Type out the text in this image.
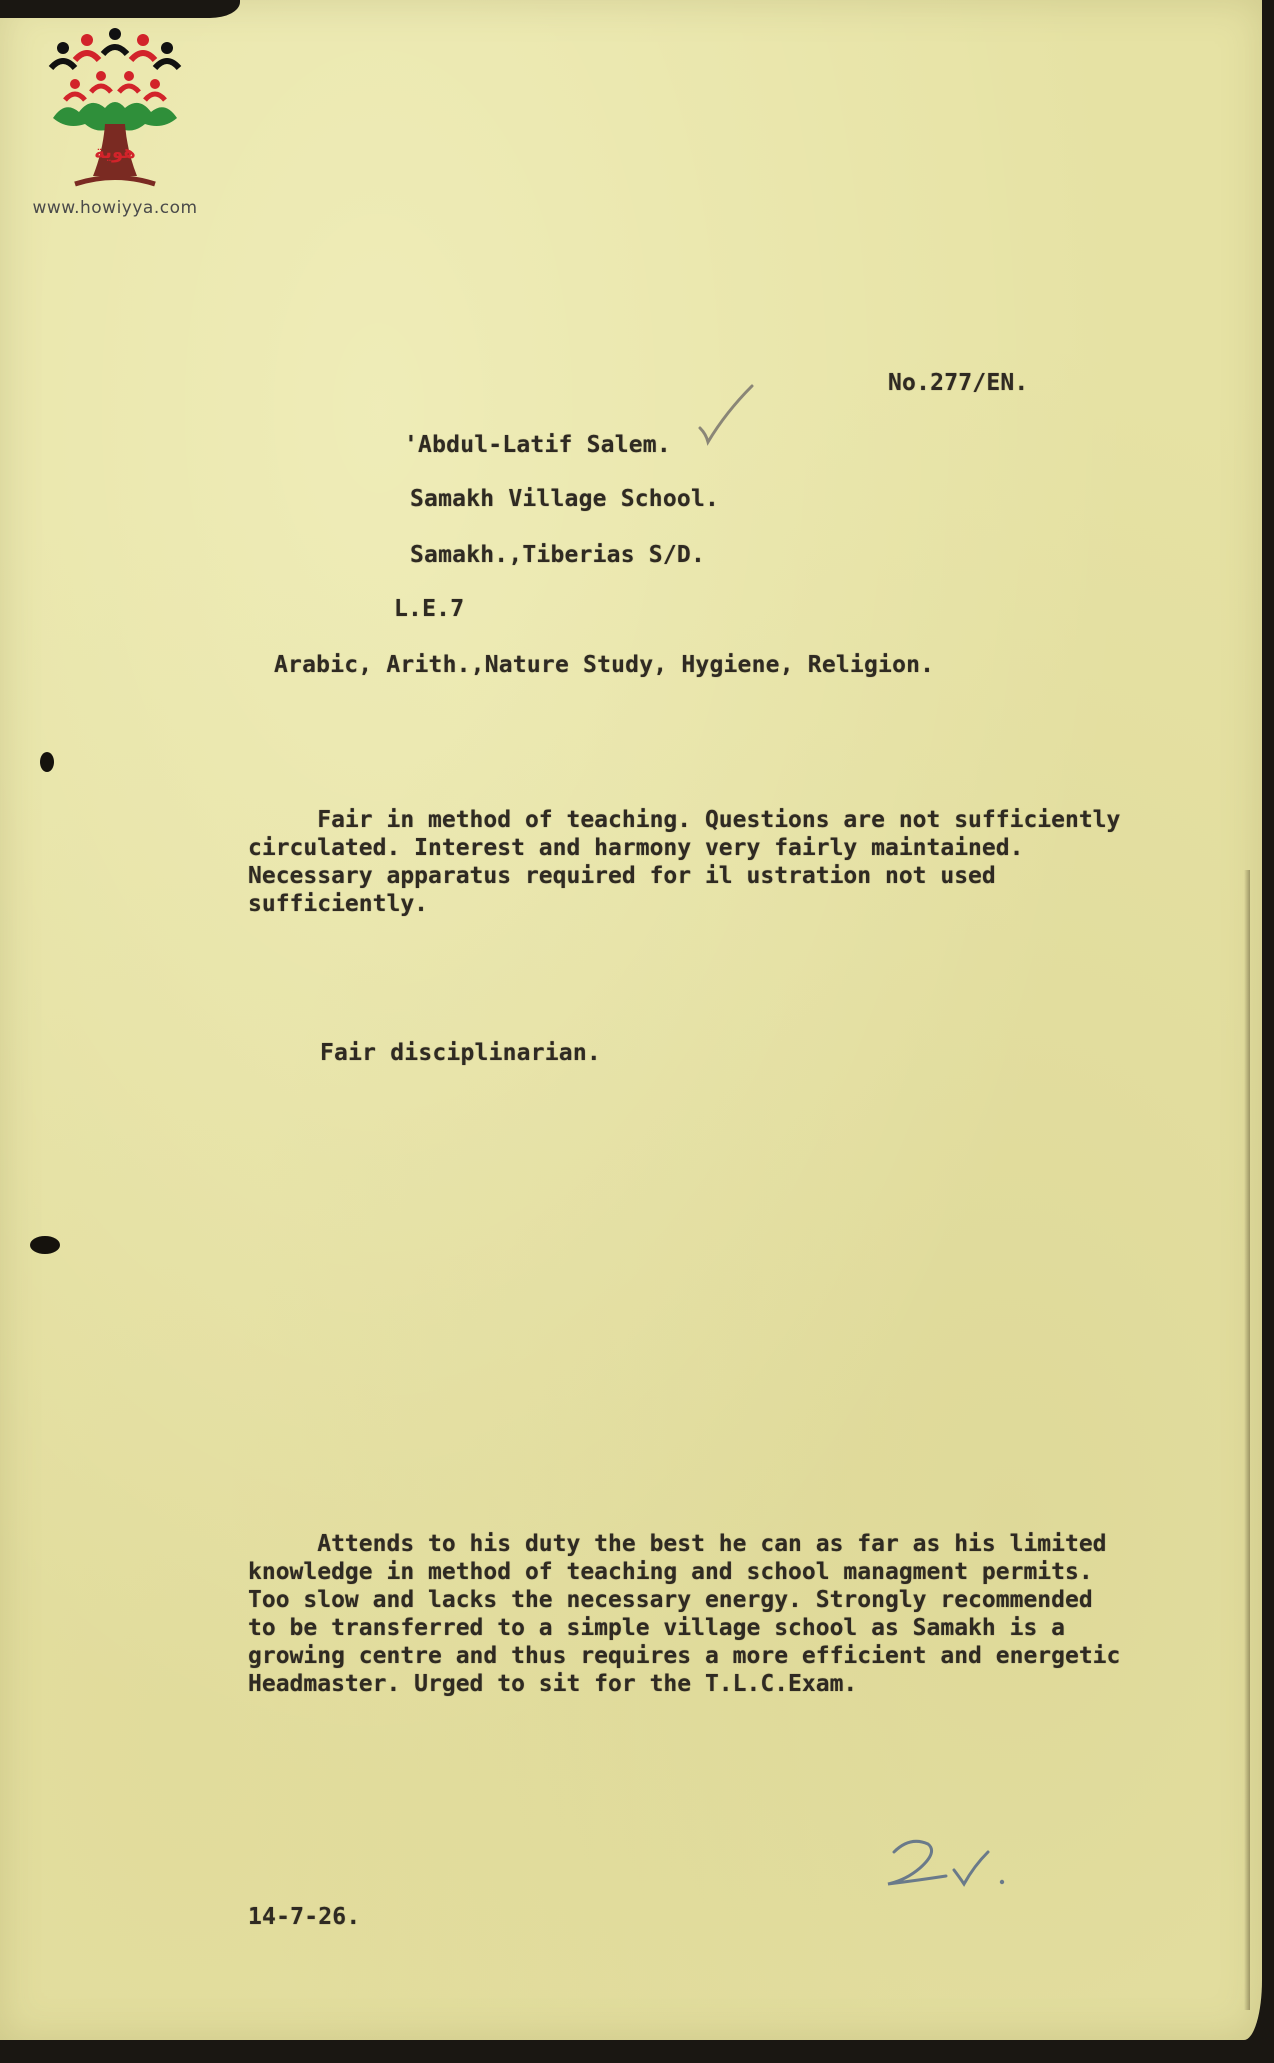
هوية
www.howiyya.com
No.277/EN.
'Abdul-Latif Salem.
Samakh Village School.
Samakh.,Tiberias S/D.
L.E.7
Arabic, Arith.,Nature Study, Hygiene, Religion.
Fair in method of teaching. Questions are not sufficiently
circulated. Interest and harmony very fairly maintained.
Necessary apparatus required for il ustration not used
sufficiently.
Fair disciplinarian.
Attends to his duty the best he can as far as his limited
knowledge in method of teaching and school managment permits.
Too slow and lacks the necessary energy. Strongly recommended
to be transferred to a simple village school as Samakh is a
growing centre and thus requires a more efficient and energetic
Headmaster. Urged to sit for the T.L.C.Exam.
14-7-26.
